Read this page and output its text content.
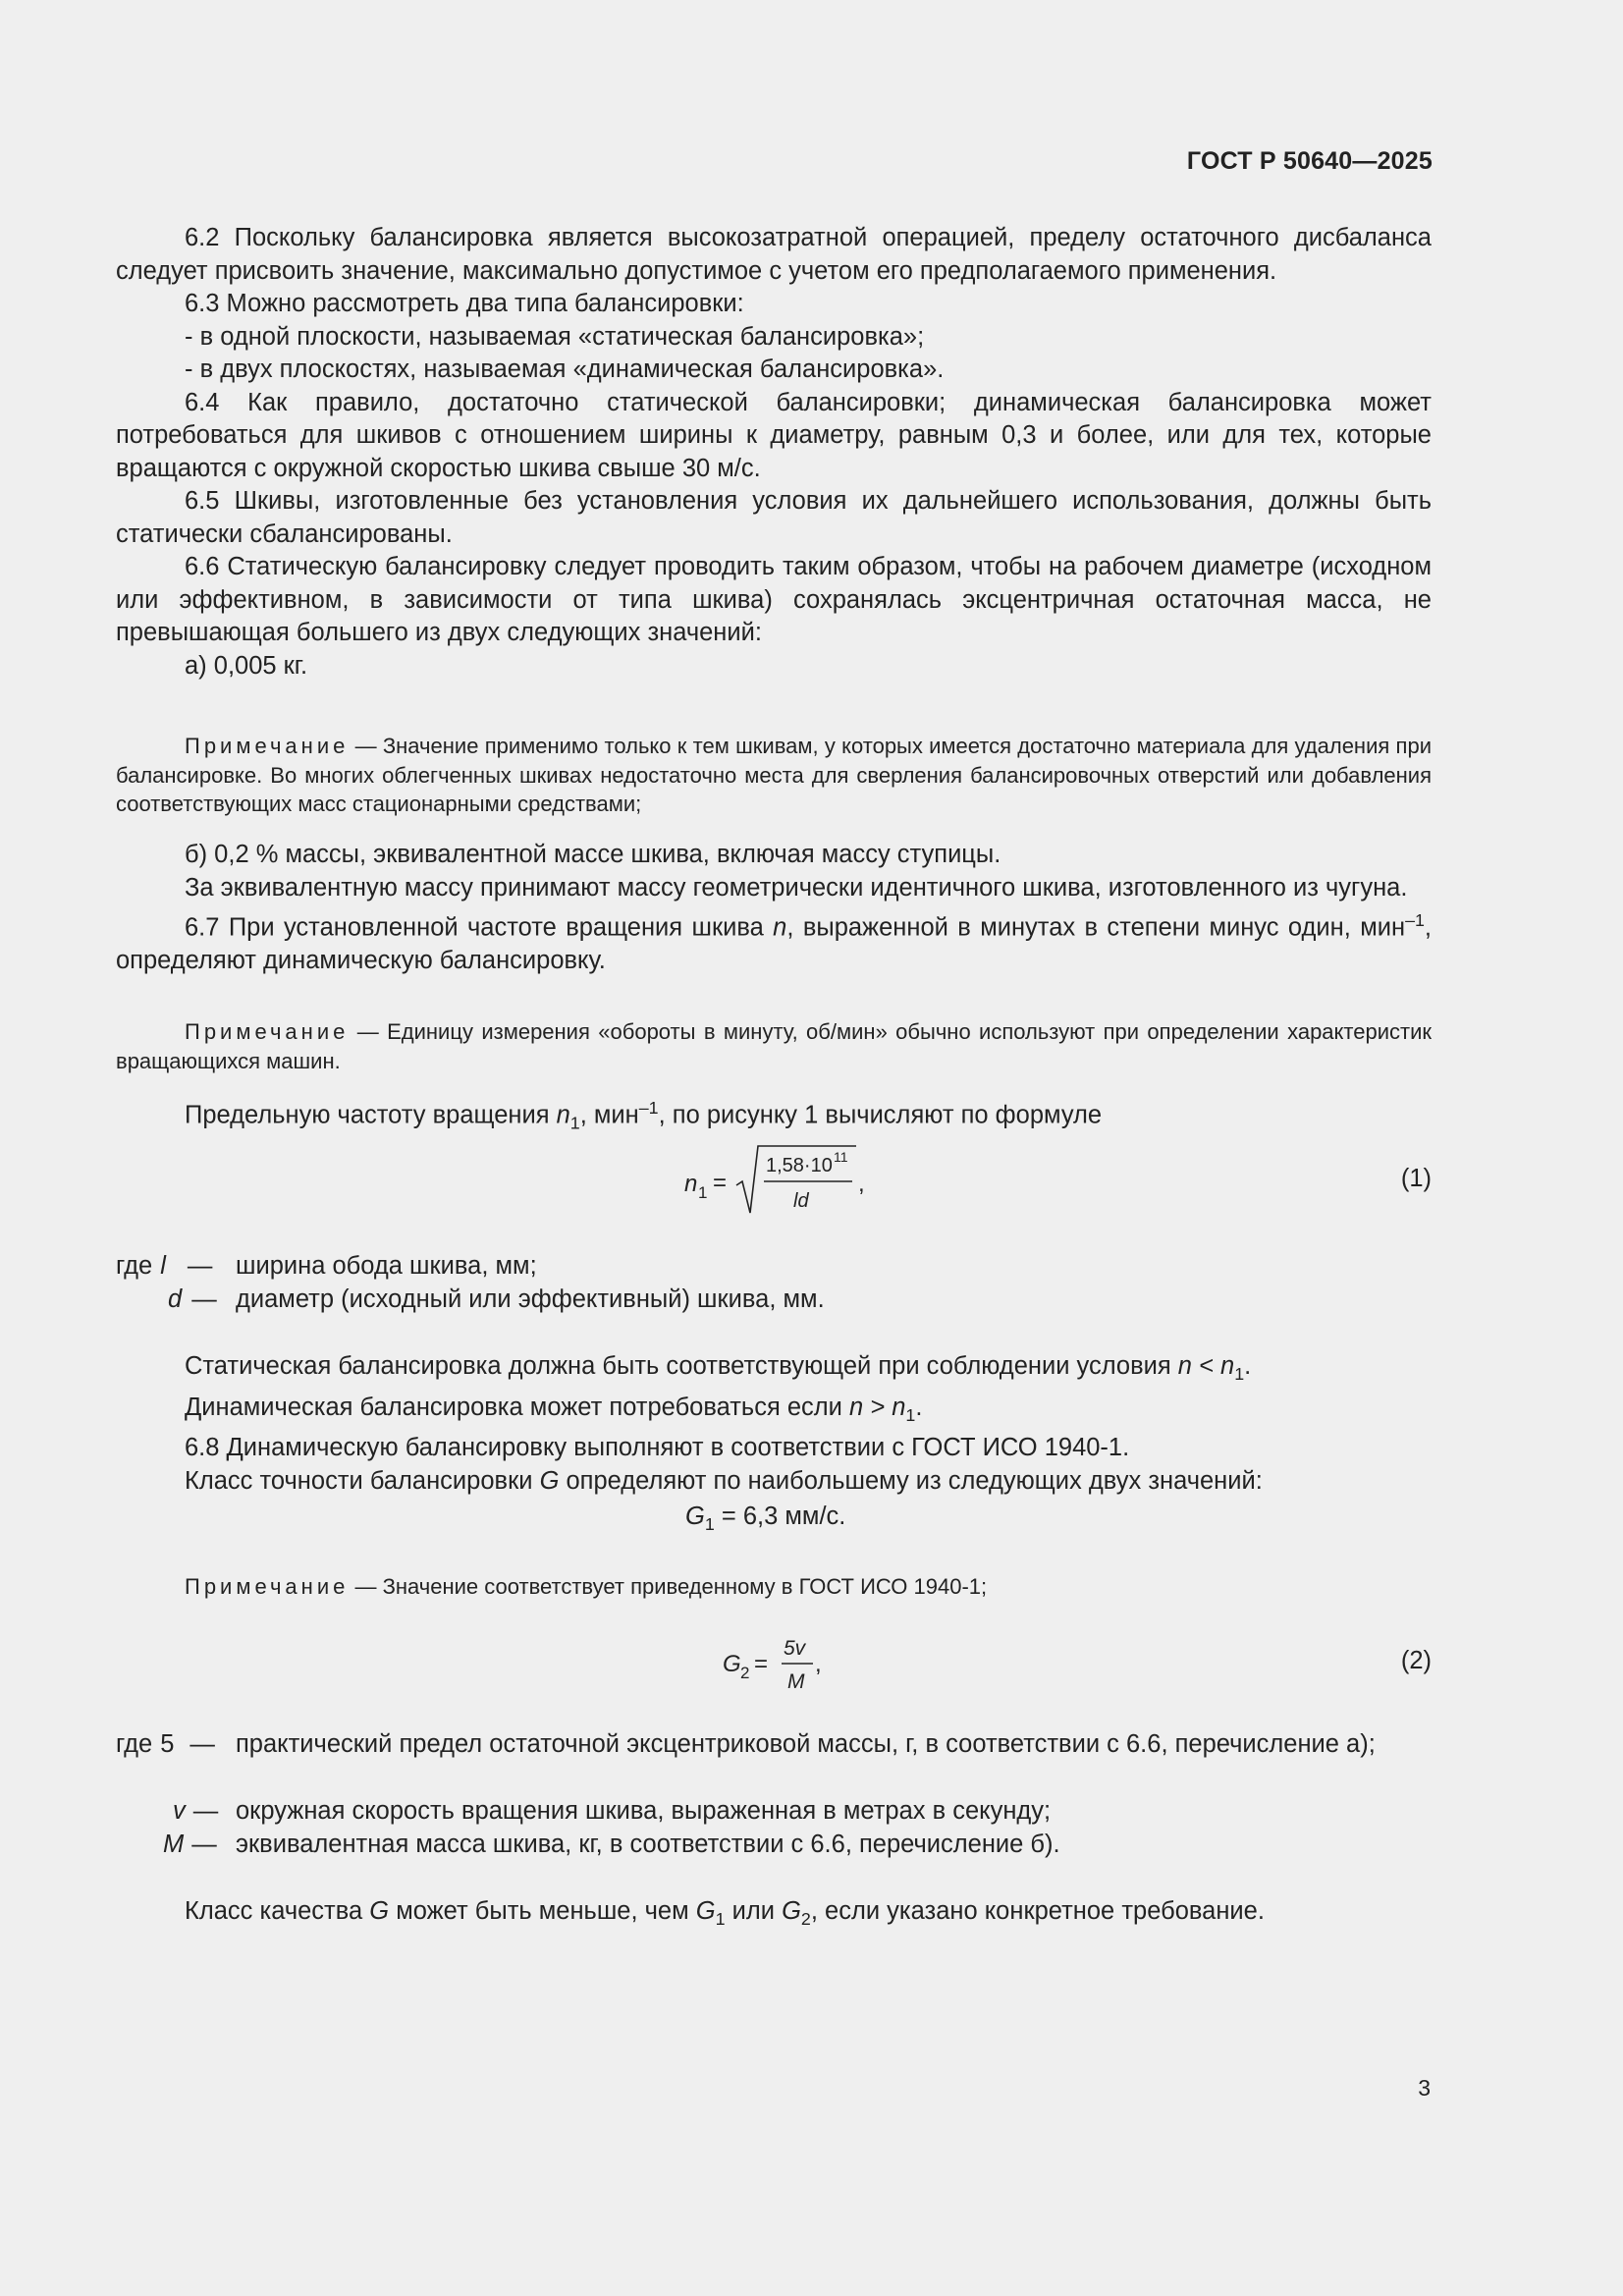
ГОСТ Р 50640—2025

6.2 Поскольку балансировка является высокозатратной операцией, пределу остаточного дисбаланса следует присвоить значение, максимально допустимое с учетом его предполагаемого применения.

6.3 Можно рассмотреть два типа балансировки:

- в одной плоскости, называемая «статическая балансировка»;

- в двух плоскостях, называемая «динамическая балансировка».

6.4 Как правило, достаточно статической балансировки; динамическая балансировка может потребоваться для шкивов с отношением ширины к диаметру, равным 0,3 и более, или для тех, которые вращаются с окружной скоростью шкива свыше 30 м/с.

6.5 Шкивы, изготовленные без установления условия их дальнейшего использования, должны быть статически сбалансированы.

6.6 Статическую балансировку следует проводить таким образом, чтобы на рабочем диаметре (исходном или эффективном, в зависимости от типа шкива) сохранялась эксцентричная остаточная масса, не превышающая большего из двух следующих значений:

а) 0,005 кг.

Примечание — Значение применимо только к тем шкивам, у которых имеется достаточно материала для удаления при балансировке. Во многих облегченных шкивах недостаточно места для сверления балансировочных отверстий или добавления соответствующих масс стационарными средствами;

б) 0,2 % массы, эквивалентной массе шкива, включая массу ступицы.

За эквивалентную массу принимают массу геометрически идентичного шкива, изготовленного из чугуна.

6.7 При установленной частоте вращения шкива n, выраженной в минутах в степени минус один, мин$^{-1}$, определяют динамическую балансировку.

Примечание — Единицу измерения «обороты в минуту, об/мин» обычно используют при определении характеристик вращающихся машин.

Предельную частоту вращения $n_1$, мин$^{-1}$, по рисунку 1 вычисляют по формуле

n 1 =
1,58·10 11
ld
,	(1)
где l — ширина обода шкива, мм;
d — диаметр (исходный или эффективный) шкива, мм.

Статическая балансировка должна быть соответствующей при соблюдении условия $n < n_1$.

Динамическая балансировка может потребоваться если $n > n_1$.

6.8 Динамическую балансировку выполняют в соответствии с ГОСТ ИСО 1940-1.

Класс точности балансировки G определяют по наибольшему из следующих двух значений:

$G_1 = 6,3$ мм/с.

Примечание — Значение соответствует приведенному в ГОСТ ИСО 1940-1;

G 2 =
5v
M
,	(2)
где 5 — практический предел остаточной эксцентриковой массы, г, в соответствии с 6.6, перечисление а);
v — окружная скорость вращения шкива, выраженная в метрах в секунду;
M — эквивалентная масса шкива, кг, в соответствии с 6.6, перечисление б).

Класс качества G может быть меньше, чем $G_1$ или $G_2$, если указано конкретное требование.

3
